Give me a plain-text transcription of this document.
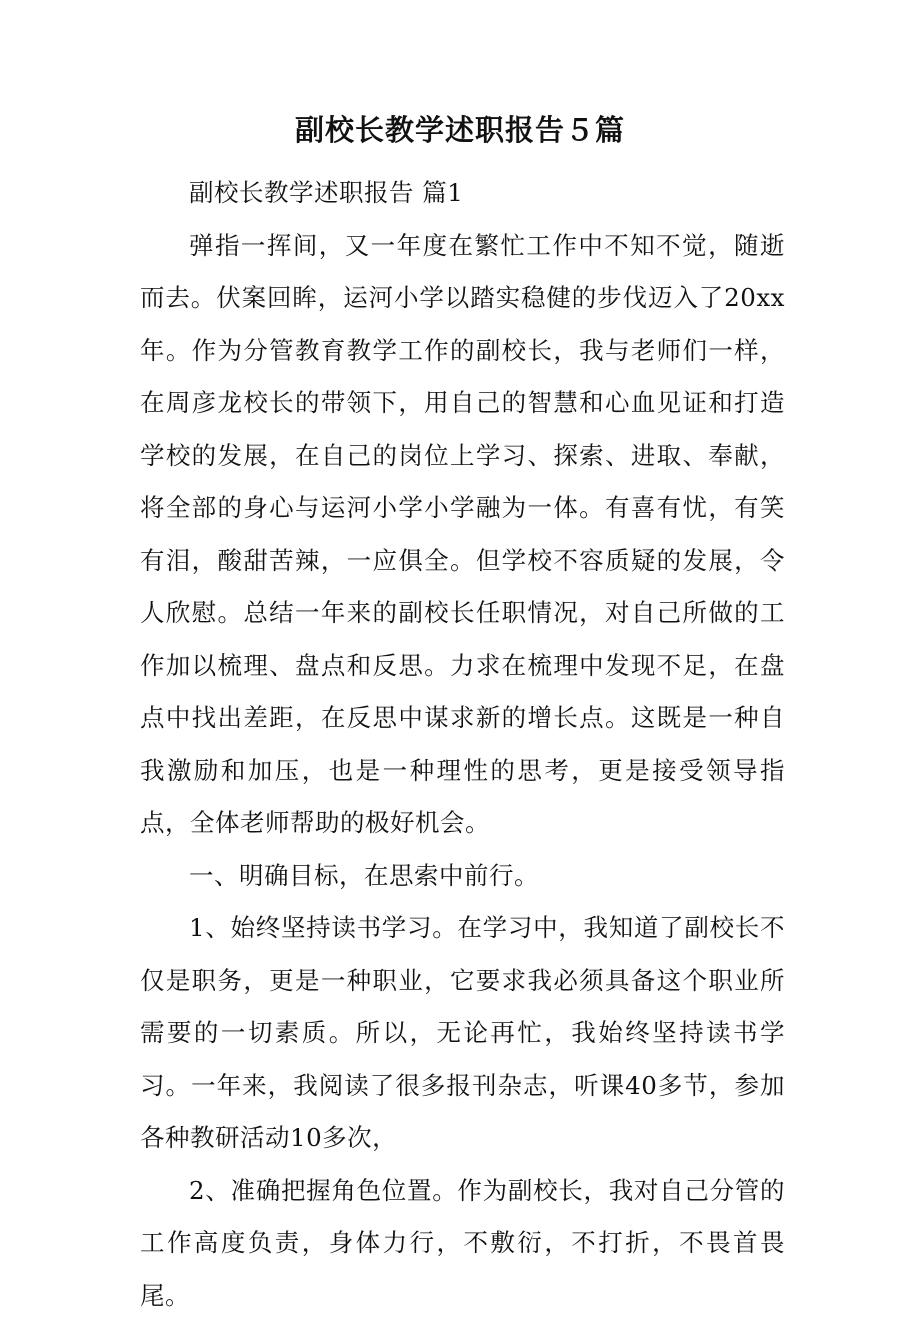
副校长教学述职报告５篇

副校长教学述职报告 篇1

弹指一挥间，又一年度在繁忙工作中不知不觉，随逝而去。伏案回眸，运河小学以踏实稳健的步伐迈入了20xx年。作为分管教育教学工作的副校长，我与老师们一样，在周彦龙校长的带领下，用自己的智慧和心血见证和打造学校的发展，在自己的岗位上学习、探索、进取、奉献，将全部的身心与运河小学小学融为一体。有喜有忧，有笑有泪，酸甜苦辣，一应俱全。但学校不容质疑的发展，令人欣慰。总结一年来的副校长任职情况，对自己所做的工作加以梳理、盘点和反思。力求在梳理中发现不足，在盘点中找出差距，在反思中谋求新的增长点。这既是一种自我激励和加压，也是一种理性的思考，更是接受领导指点，全体老师帮助的极好机会。

一、明确目标，在思索中前行。

1、始终坚持读书学习。在学习中，我知道了副校长不仅是职务，更是一种职业，它要求我必须具备这个职业所需要的一切素质。所以，无论再忙，我始终坚持读书学习。一年来，我阅读了很多报刊杂志，听课40多节，参加各种教研活动10多次，

2、准确把握角色位置。作为副校长，我对自己分管的工作高度负责，身体力行，不敷衍，不打折，不畏首畏尾。
